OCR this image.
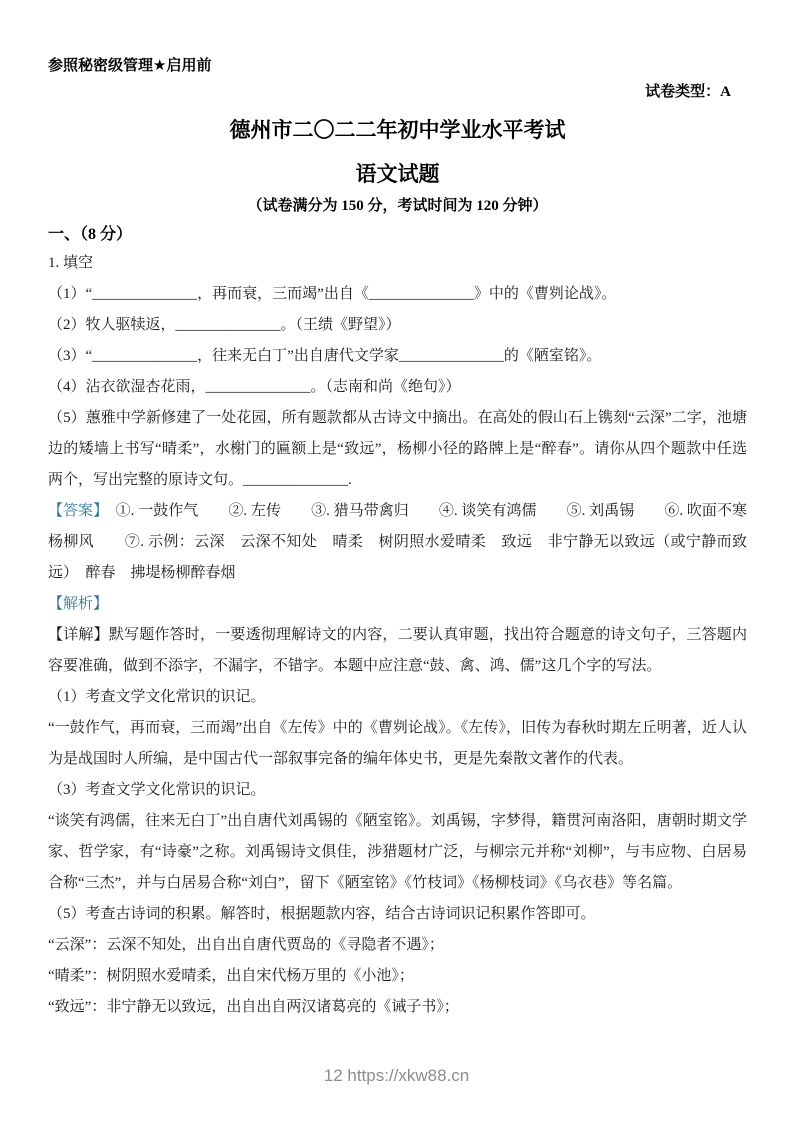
参照秘密级管理★启用前
试卷类型：A
德州市二〇二二年初中学业水平考试
语文试题
（试卷满分为 150 分，考试时间为 120 分钟）
一、（8 分）

1. 填空

（1）“______________，再而衰，三而竭”出自《______________》中的《曹刿论战》。

（2）牧人驱犊返，______________。（王绩《野望》）

（3）“______________，往来无白丁”出自唐代文学家______________的《陋室铭》。

（4）沾衣欲湿杏花雨，______________。（志南和尚《绝句》）

（5）蕙雅中学新修建了一处花园，所有题款都从古诗文中摘出。在高处的假山石上镌刻“云深”二字，池塘边的矮墙上书写“晴柔”，水榭门的匾额上是“致远”，杨柳小径的路牌上是“醉春”。请你从四个题款中任选两个，写出完整的原诗文句。______________.

【答案】　①. 一鼓作气　　②. 左传　　③. 猎马带禽归　　④. 谈笑有鸿儒　　⑤. 刘禹锡　　⑥. 吹面不寒杨柳风　　⑦. 示例：云深　云深不知处　晴柔　树阴照水爱晴柔　致远　非宁静无以致远（或宁静而致远）　醉春　拂堤杨柳醉春烟

【解析】

【详解】默写题作答时，一要透彻理解诗文的内容，二要认真审题，找出符合题意的诗文句子，三答题内容要准确，做到不添字，不漏字，不错字。本题中应注意“鼓、禽、鸿、儒”这几个字的写法。

（1）考查文学文化常识的识记。

“一鼓作气，再而衰，三而竭”出自《左传》中的《曹刿论战》。《左传》，旧传为春秋时期左丘明著，近人认为是战国时人所编，是中国古代一部叙事完备的编年体史书，更是先秦散文著作的代表。

（3）考查文学文化常识的识记。

“谈笑有鸿儒，往来无白丁”出自唐代刘禹锡的《陋室铭》。刘禹锡，字梦得，籍贯河南洛阳，唐朝时期文学家、哲学家，有“诗豪”之称。刘禹锡诗文俱佳，涉猎题材广泛，与柳宗元并称“刘柳”，与韦应物、白居易合称“三杰”，并与白居易合称“刘白”，留下《陋室铭》《竹枝词》《杨柳枝词》《乌衣巷》等名篇。

（5）考查古诗词的积累。解答时，根据题款内容，结合古诗词识记积累作答即可。

“云深”：云深不知处，出自出自唐代贾岛的《寻隐者不遇》；

“晴柔”：树阴照水爱晴柔，出自宋代杨万里的《小池》；

“致远”：非宁静无以致远，出自出自两汉诸葛亮的《诫子书》；

12 https://xkw88.cn
